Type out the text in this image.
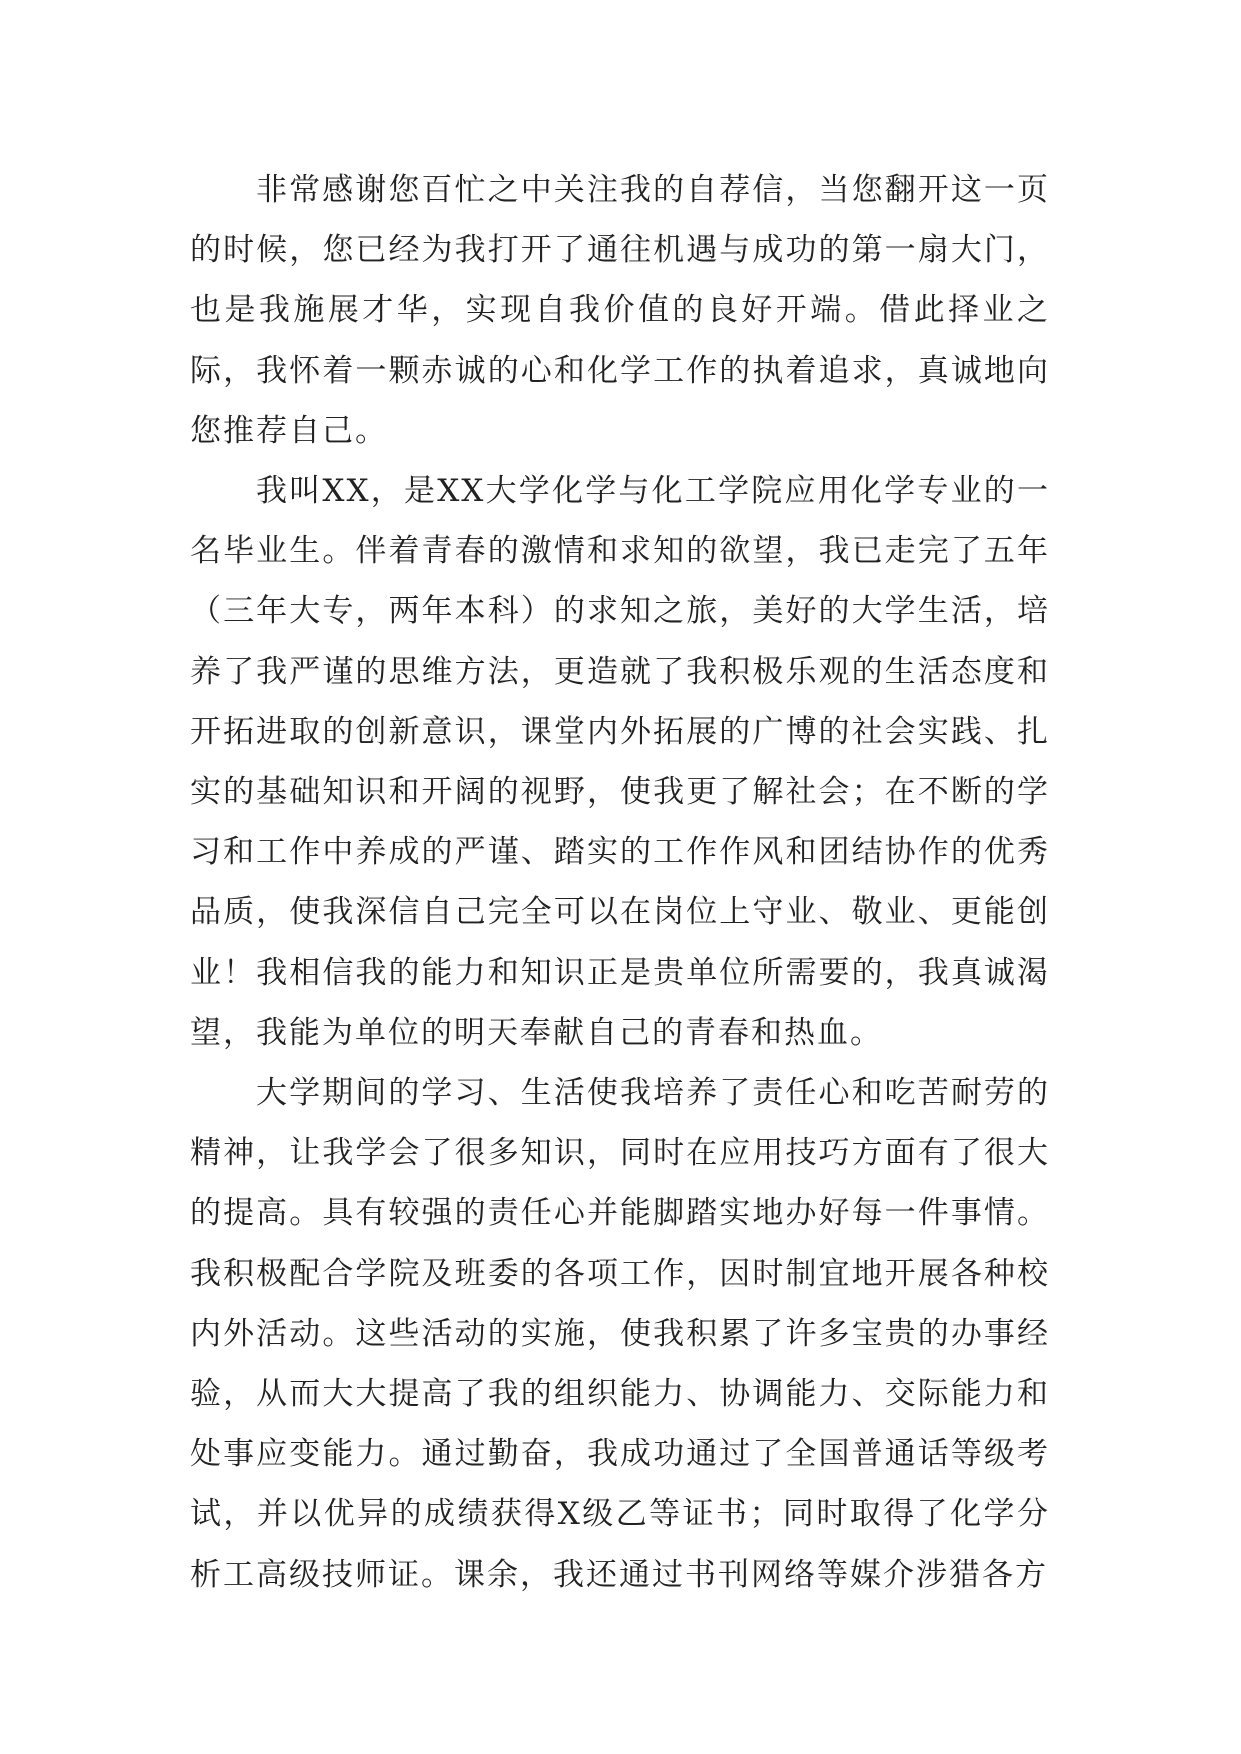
非常感谢您百忙之中关注我的自荐信，当您翻开这一页的时候，您已经为我打开了通往机遇与成功的第一扇大门，也是我施展才华，实现自我价值的良好开端。借此择业之际，我怀着一颗赤诚的心和化学工作的执着追求，真诚地向您推荐自己。

我叫XX，是XX大学化学与化工学院应用化学专业的一名毕业生。伴着青春的激情和求知的欲望，我已走完了五年（三年大专，两年本科）的求知之旅，美好的大学生活，培养了我严谨的思维方法，更造就了我积极乐观的生活态度和开拓进取的创新意识，课堂内外拓展的广博的社会实践、扎实的基础知识和开阔的视野，使我更了解社会；在不断的学习和工作中养成的严谨、踏实的工作作风和团结协作的优秀品质，使我深信自己完全可以在岗位上守业、敬业、更能创业！我相信我的能力和知识正是贵单位所需要的，我真诚渴望，我能为单位的明天奉献自己的青春和热血。

大学期间的学习、生活使我培养了责任心和吃苦耐劳的精神，让我学会了很多知识，同时在应用技巧方面有了很大的提高。具有较强的责任心并能脚踏实地办好每一件事情。我积极配合学院及班委的各项工作，因时制宜地开展各种校内外活动。这些活动的实施，使我积累了许多宝贵的办事经验，从而大大提高了我的组织能力、协调能力、交际能力和处事应变能力。通过勤奋，我成功通过了全国普通话等级考试，并以优异的成绩获得X级乙等证书；同时取得了化学分析工高级技师证。课余，我还通过书刊网络等媒介涉猎各方
